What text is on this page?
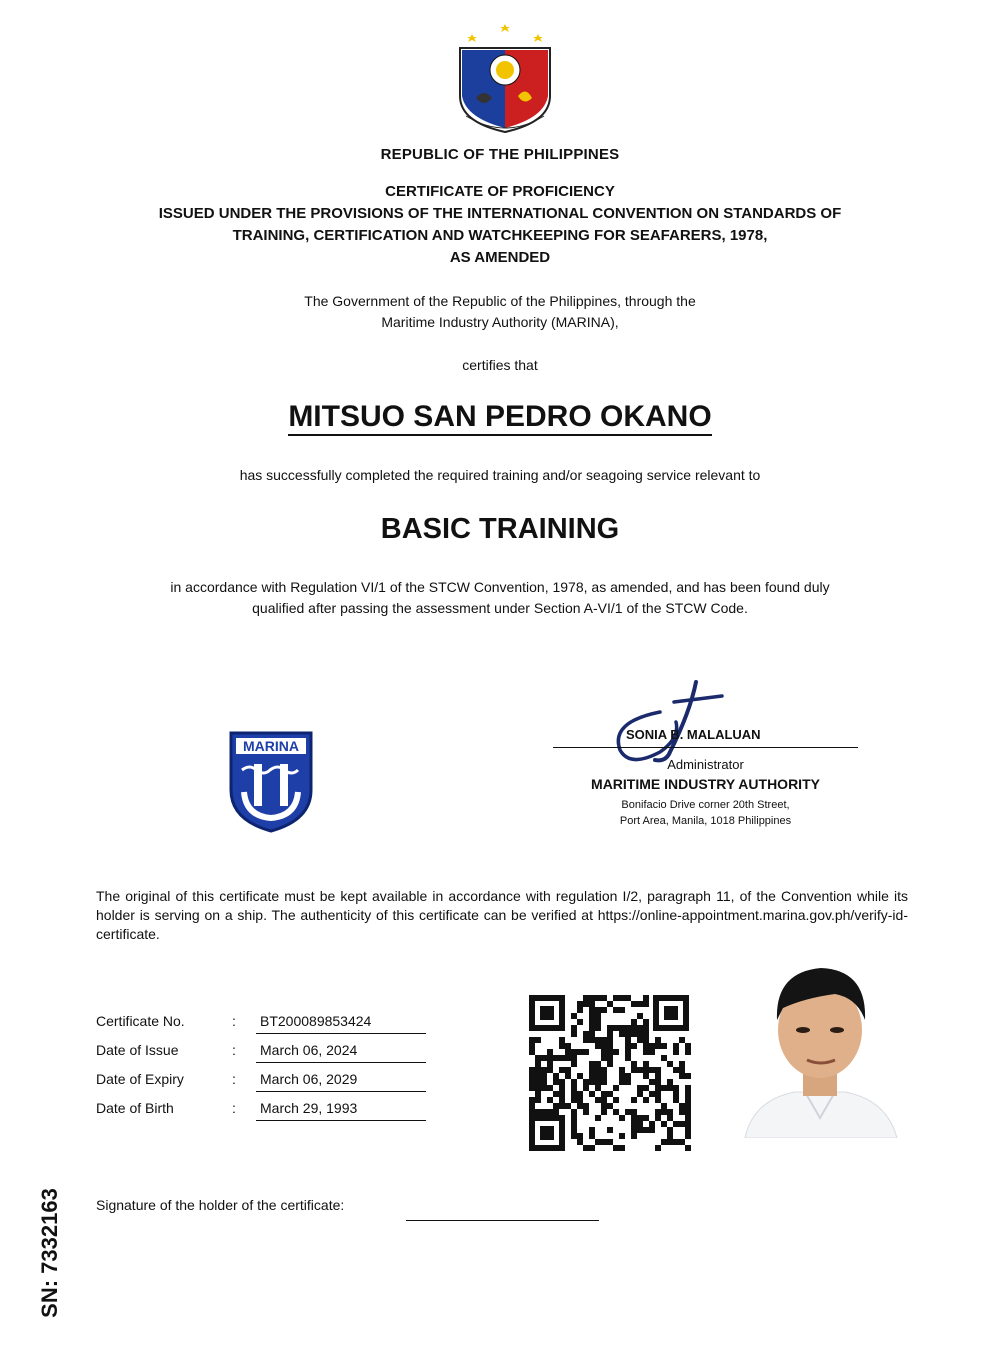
REPUBLIC OF THE PHILIPPINES
CERTIFICATE OF PROFICIENCY
ISSUED UNDER THE PROVISIONS OF THE INTERNATIONAL CONVENTION ON STANDARDS OF
TRAINING, CERTIFICATION AND WATCHKEEPING FOR SEAFARERS, 1978,
AS AMENDED
The Government of the Republic of the Philippines, through the
Maritime Industry Authority (MARINA),
certifies that
MITSUO SAN PEDRO OKANO
has successfully completed the required training and/or seagoing service relevant to
BASIC TRAINING
in accordance with Regulation VI/1 of the STCW Convention, 1978, as amended, and has been found duly
qualified after passing the assessment under Section A-VI/1 of the STCW Code.
MARINA
SONIA B. MALALUAN
Administrator
MARITIME INDUSTRY AUTHORITY
Bonifacio Drive corner 20th Street,
Port Area, Manila, 1018 Philippines
The original of this certificate must be kept available in accordance with regulation I/2, paragraph 11, of the Convention while its holder is serving on a ship. The authenticity of this certificate can be verified at https://online-appointment.marina.gov.ph/verify-id-certificate.
Certificate No.	: BT200089853424
Date of Issue	: March 06, 2024
Date of Expiry	: March 06, 2029
Date of Birth	: March 29, 1993
Signature of the holder of the certificate:
SN: 7332163
